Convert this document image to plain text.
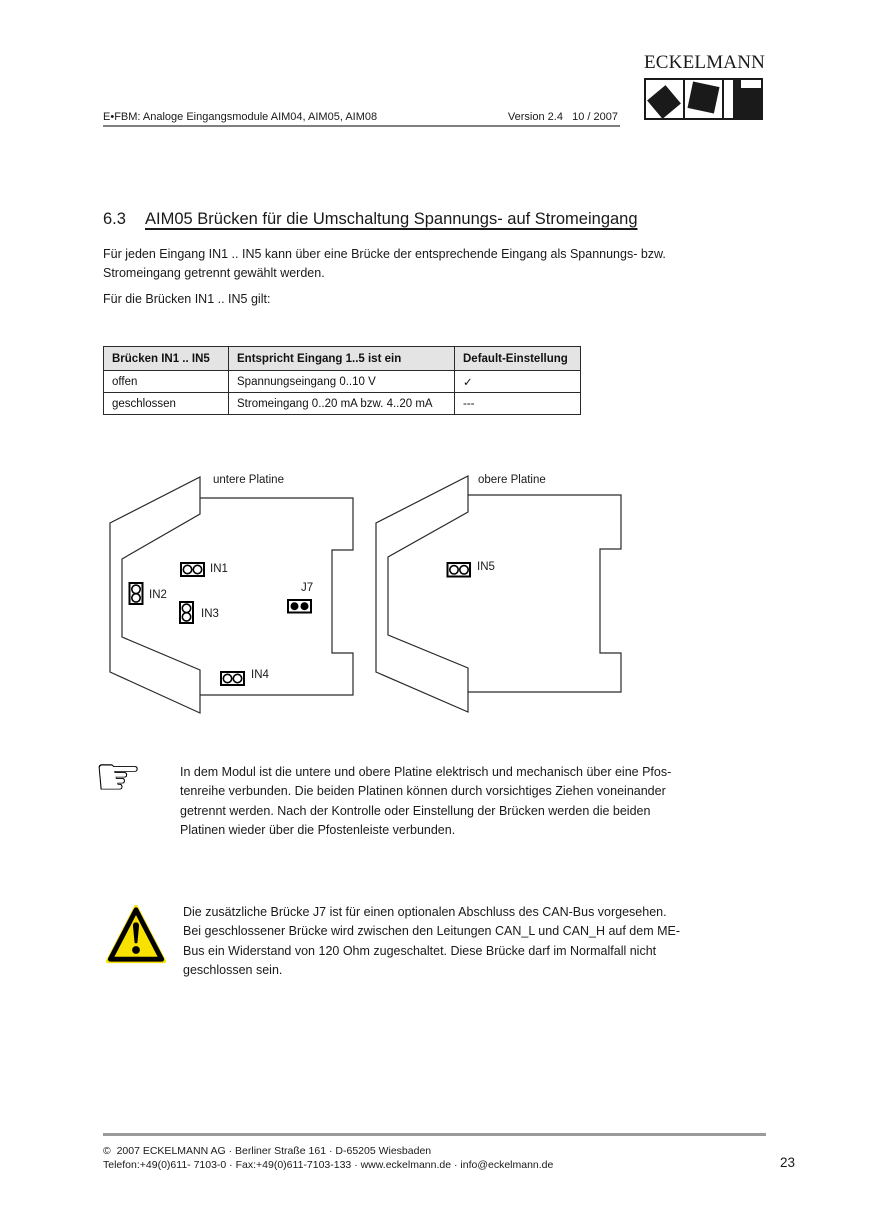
E•FBM: Analoge Eingangsmodule AIM04, AIM05, AIM08	Version 2.4   10 / 2007
ECKELMANN
6.3 AIM05 Brücken für die Umschaltung Spannungs- auf Stromeingang
Für jeden Eingang IN1 .. IN5 kann über eine Brücke der entsprechende Eingang als Spannungs- bzw.
Stromeingang getrennt gewählt werden.
Für die Brücken IN1 .. IN5 gilt:
Brücken IN1 .. IN5	Entspricht Eingang 1..5 ist ein	Default-Einstellung
offen	Spannungseingang 0..10 V	✓
geschlossen	Stromeingang 0..20 mA bzw. 4..20 mA	---
untere Platine	obere Platine
IN1
IN2
IN3
J7
IN4
IN5
☞	In dem Modul ist die untere und obere Platine elektrisch und mechanisch über eine Pfos-
tenreihe verbunden. Die beiden Platinen können durch vorsichtiges Ziehen voneinander
getrennt werden. Nach der Kontrolle oder Einstellung der Brücken werden die beiden
Platinen wieder über die Pfostenleiste verbunden.
Die zusätzliche Brücke J7 ist für einen optionalen Abschluss des CAN-Bus vorgesehen.
Bei geschlossener Brücke wird zwischen den Leitungen CAN_L und CAN_H auf dem ME-
Bus ein Widerstand von 120 Ohm zugeschaltet. Diese Brücke darf im Normalfall nicht
geschlossen sein.
©  2007 ECKELMANN AG · Berliner Straße 161 · D-65205 Wiesbaden
Telefon:+49(0)611- 7103-0 · Fax:+49(0)611-7103-133 · www.eckelmann.de · info@eckelmann.de	23
